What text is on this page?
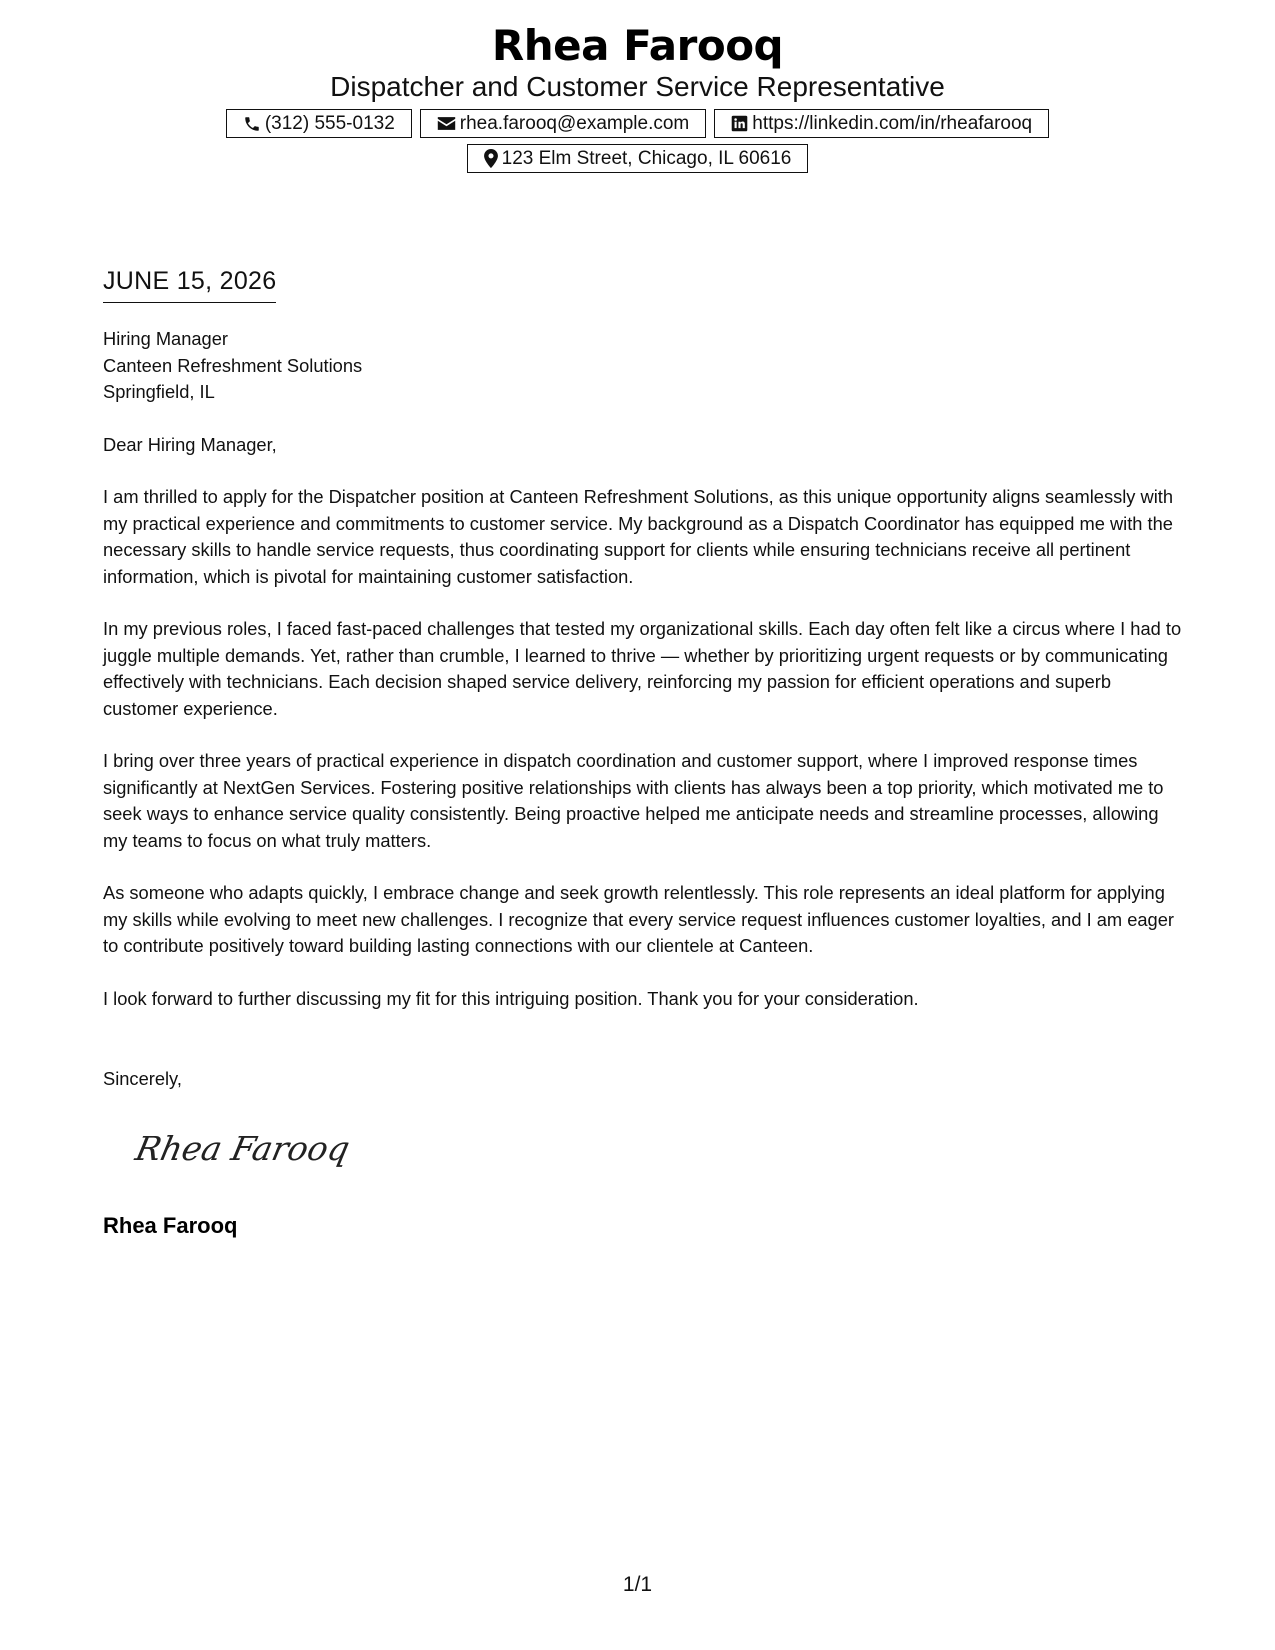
Rhea Farooq
Dispatcher and Customer Service Representative
(312) 555-0132	rhea.farooq@example.com	https://linkedin.com/in/rheafarooq
123 Elm Street, Chicago, IL 60616
JUNE 15, 2026
Hiring Manager
Canteen Refreshment Solutions
Springfield, IL
Dear Hiring Manager,
I am thrilled to apply for the Dispatcher position at Canteen Refreshment Solutions, as this unique opportunity aligns seamlessly with my practical experience and commitments to customer service. My background as a Dispatch Coordinator has equipped me with the necessary skills to handle service requests, thus coordinating support for clients while ensuring technicians receive all pertinent information, which is pivotal for maintaining customer satisfaction.
In my previous roles, I faced fast-paced challenges that tested my organizational skills. Each day often felt like a circus where I had to juggle multiple demands. Yet, rather than crumble, I learned to thrive — whether by prioritizing urgent requests or by communicating effectively with technicians. Each decision shaped service delivery, reinforcing my passion for efficient operations and superb customer experience.
I bring over three years of practical experience in dispatch coordination and customer support, where I improved response times significantly at NextGen Services. Fostering positive relationships with clients has always been a top priority, which motivated me to seek ways to enhance service quality consistently. Being proactive helped me anticipate needs and streamline processes, allowing my teams to focus on what truly matters.
As someone who adapts quickly, I embrace change and seek growth relentlessly. This role represents an ideal platform for applying my skills while evolving to meet new challenges. I recognize that every service request influences customer loyalties, and I am eager to contribute positively toward building lasting connections with our clientele at Canteen.
I look forward to further discussing my fit for this intriguing position. Thank you for your consideration.
Sincerely,
Rhea Farooq
Rhea Farooq
1/1
